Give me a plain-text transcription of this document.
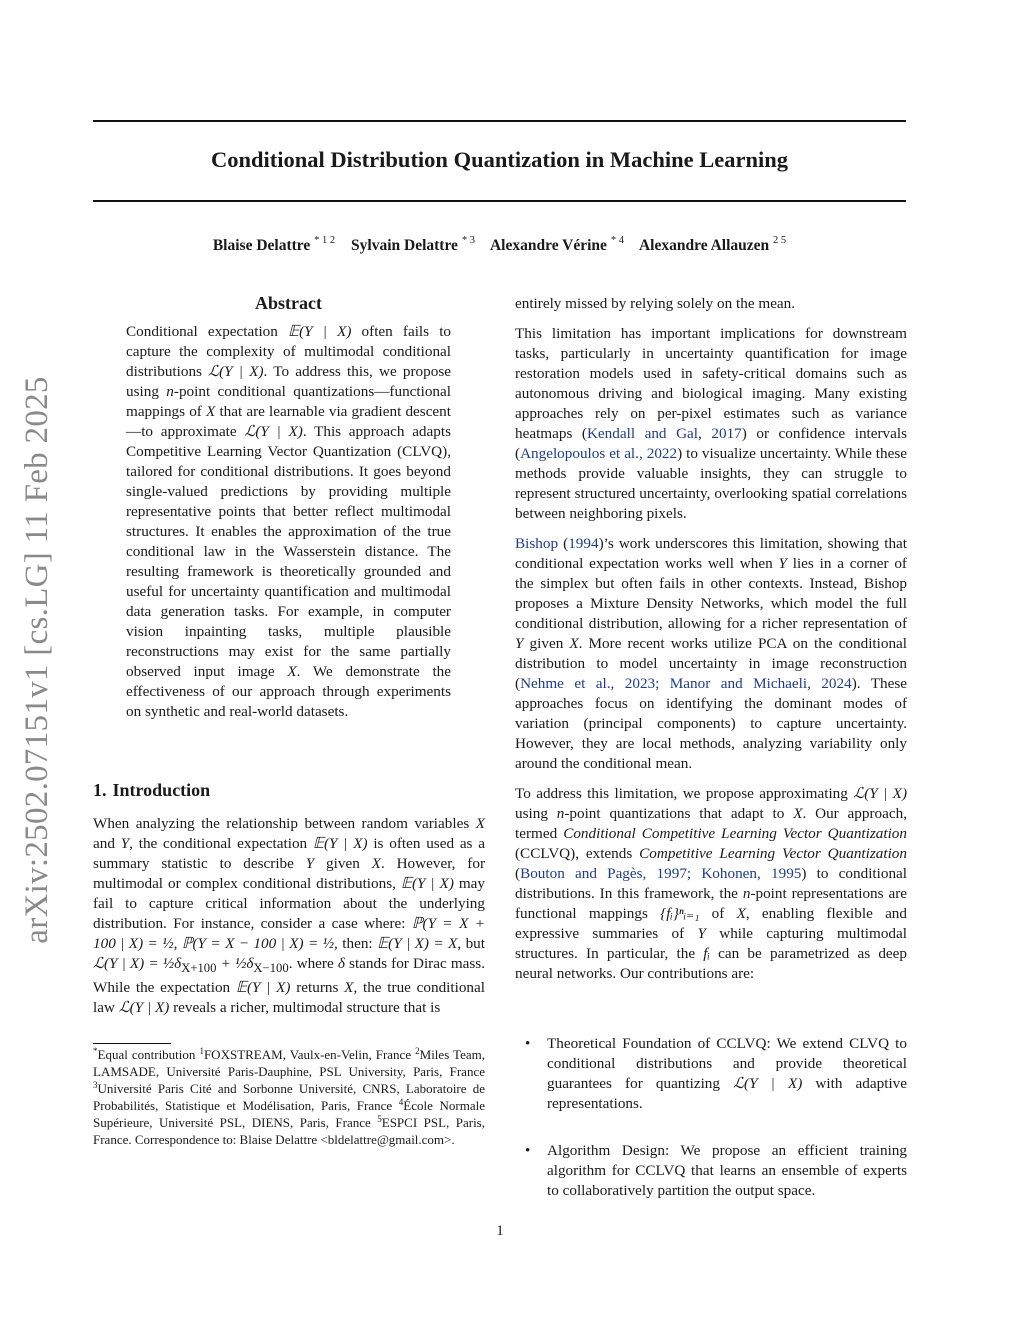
Conditional Distribution Quantization in Machine Learning
Blaise Delattre $^{* 1 2}$ Sylvain Delattre $^{* 3}$ Alexandre Vérine $^{* 4}$ Alexandre Allauzen $^{2 5}$
arXiv:2502.07151v1 [cs.LG] 11 Feb 2025
Abstract
Conditional expectation 𝔼(Y | X) often fails to capture the complexity of multimodal conditional distributions ℒ(Y | X). To address this, we propose using n-point conditional quantizations—functional mappings of X that are learnable via gradient descent—to approximate ℒ(Y | X). This approach adapts Competitive Learning Vector Quantization (CLVQ), tailored for conditional distributions. It goes beyond single-valued predictions by providing multiple representative points that better reflect multimodal structures. It enables the approximation of the true conditional law in the Wasserstein distance. The resulting framework is theoretically grounded and useful for uncertainty quantification and multimodal data generation tasks. For example, in computer vision inpainting tasks, multiple plausible reconstructions may exist for the same partially observed input image X. We demonstrate the effectiveness of our approach through experiments on synthetic and real-world datasets.
1. Introduction
When analyzing the relationship between random variables X and Y, the conditional expectation 𝔼(Y | X) is often used as a summary statistic to describe Y given X. However, for multimodal or complex conditional distributions, 𝔼(Y | X) may fail to capture critical information about the underlying distribution. For instance, consider a case where: ℙ(Y = X + 100 | X) = ½, ℙ(Y = X − 100 | X) = ½, then: 𝔼(Y | X) = X, but ℒ(Y | $X) = \frac{1}{2}\delta_{X+100}$ + $\frac{1}{2}\delta_{X-100}$. where δ stands for Dirac mass. While the expectation 𝔼(Y | X) returns X, the true conditional law ℒ(Y | X) reveals a richer, multimodal structure that is
*Equal contribution $^1$FOXSTREAM, Vaulx-en-Velin, France $^2$Miles Team, LAMSADE, Université Paris-Dauphine, PSL University, Paris, France $^3$Université Paris Cité and Sorbonne Université, CNRS, Laboratoire de Probabilités, Statistique et Modélisation, Paris, France $^4$École Normale Supérieure, Université PSL, DIENS, Paris, France $^5$ESPCI PSL, Paris, France. Correspondence to: Blaise Delattre <bldelattre@gmail.com>.
entirely missed by relying solely on the mean.
This limitation has important implications for downstream tasks, particularly in uncertainty quantification for image restoration models used in safety-critical domains such as autonomous driving and biological imaging. Many existing approaches rely on per-pixel estimates such as variance heatmaps (Kendall and Gal, 2017) or confidence intervals (Angelopoulos et al., 2022) to visualize uncertainty. While these methods provide valuable insights, they can struggle to represent structured uncertainty, overlooking spatial correlations between neighboring pixels.
Bishop (1994)’s work underscores this limitation, showing that conditional expectation works well when Y lies in a corner of the simplex but often fails in other contexts. Instead, Bishop proposes a Mixture Density Networks, which model the full conditional distribution, allowing for a richer representation of Y given X. More recent works utilize PCA on the conditional distribution to model uncertainty in image reconstruction (Nehme et al., 2023; Manor and Michaeli, 2024). These approaches focus on identifying the dominant modes of variation (principal components) to capture uncertainty. However, they are local methods, analyzing variability only around the conditional mean.
To address this limitation, we propose approximating ℒ(Y | X) using n-point quantizations that adapt to X. Our approach, termed Conditional Competitive Learning Vector Quantization (CCLVQ), extends Competitive Learning Vector Quantization (Bouton and Pagès, 1997; Kohonen, 1995) to conditional distributions. In this framework, the n-point representations are functional mappings {fᵢ}ⁿᵢ₌₁ of X, enabling flexible and expressive summaries of Y while capturing multimodal structures. In particular, the fᵢ can be parametrized as deep neural networks. Our contributions are:
•	Theoretical Foundation of CCLVQ: We extend CLVQ to conditional distributions and provide theoretical guarantees for quantizing ℒ(Y | X) with adaptive representations.
•	Algorithm Design: We propose an efficient training algorithm for CCLVQ that learns an ensemble of experts to collaboratively partition the output space.
1
